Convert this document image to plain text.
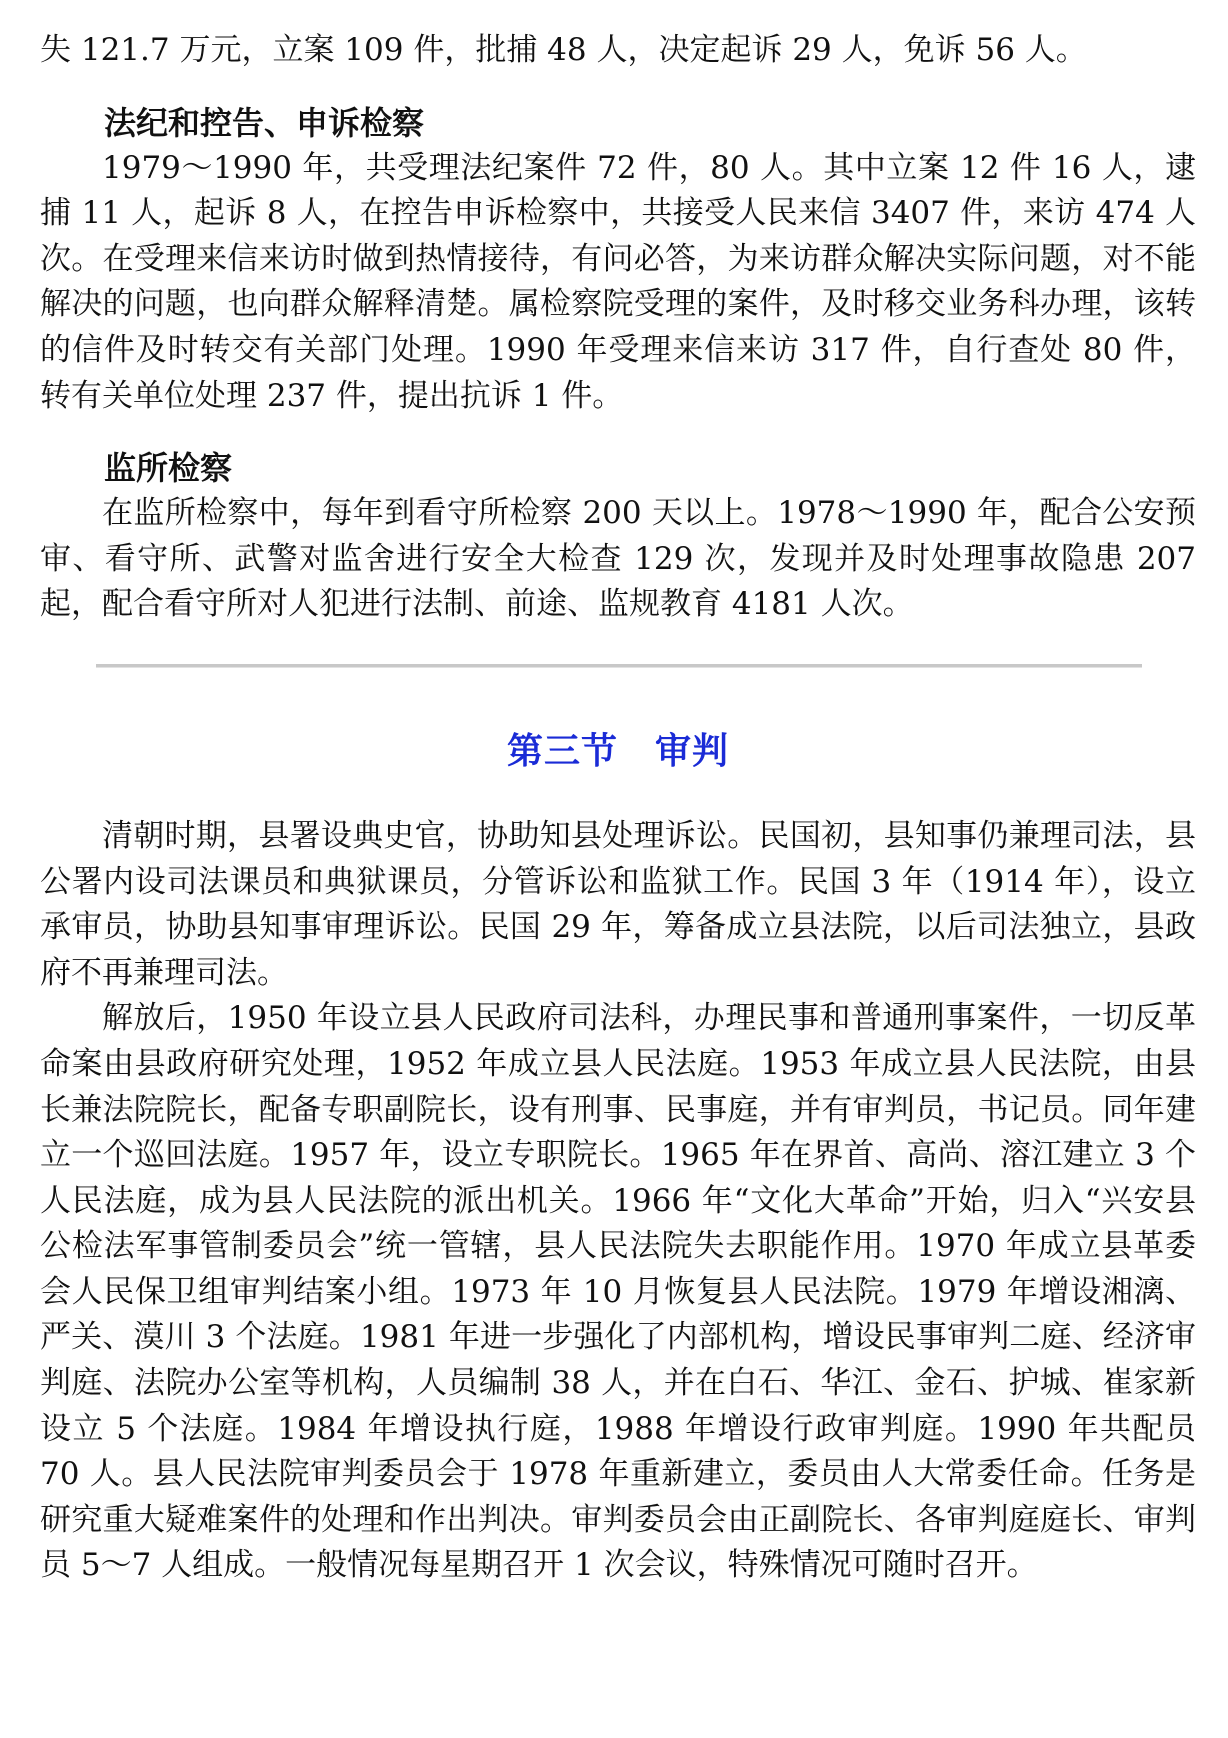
失 121.7 万元，立案 109 件，批捕 48 人，决定起诉 29 人，免诉 56 人。

法纪和控告、申诉检察

1979～1990 年，共受理法纪案件 72 件，80 人。其中立案 12 件 16 人，逮捕 11 人，起诉 8 人，在控告申诉检察中，共接受人民来信 3407 件，来访 474 人次。在受理来信来访时做到热情接待，有问必答，为来访群众解决实际问题，对不能解决的问题，也向群众解释清楚。属检察院受理的案件，及时移交业务科办理，该转的信件及时转交有关部门处理。1990 年受理来信来访 317 件，自行查处 80 件，转有关单位处理 237 件，提出抗诉 1 件。

监所检察

在监所检察中，每年到看守所检察 200 天以上。1978～1990 年，配合公安预审、看守所、武警对监舍进行安全大检查 129 次，发现并及时处理事故隐患 207 起，配合看守所对人犯进行法制、前途、监规教育 4181 人次。

第三节　审判

清朝时期，县署设典史官，协助知县处理诉讼。民国初，县知事仍兼理司法，县公署内设司法课员和典狱课员，分管诉讼和监狱工作。民国 3 年（1914 年），设立承审员，协助县知事审理诉讼。民国 29 年，筹备成立县法院，以后司法独立，县政府不再兼理司法。

解放后，1950 年设立县人民政府司法科，办理民事和普通刑事案件，一切反革命案由县政府研究处理，1952 年成立县人民法庭。1953 年成立县人民法院，由县长兼法院院长，配备专职副院长，设有刑事、民事庭，并有审判员，书记员。同年建立一个巡回法庭。1957 年，设立专职院长。1965 年在界首、高尚、溶江建立 3 个人民法庭，成为县人民法院的派出机关。1966 年“文化大革命”开始，归入“兴安县公检法军事管制委员会”统一管辖，县人民法院失去职能作用。1970 年成立县革委会人民保卫组审判结案小组。1973 年 10 月恢复县人民法院。1979 年增设湘漓、严关、漠川 3 个法庭。1981 年进一步强化了内部机构，增设民事审判二庭、经济审判庭、法院办公室等机构，人员编制 38 人，并在白石、华江、金石、护城、崔家新设立 5 个法庭。1984 年增设执行庭，1988 年增设行政审判庭。1990 年共配员 70 人。县人民法院审判委员会于 1978 年重新建立，委员由人大常委任命。任务是研究重大疑难案件的处理和作出判决。审判委员会由正副院长、各审判庭庭长、审判员 5～7 人组成。一般情况每星期召开 1 次会议，特殊情况可随时召开。
